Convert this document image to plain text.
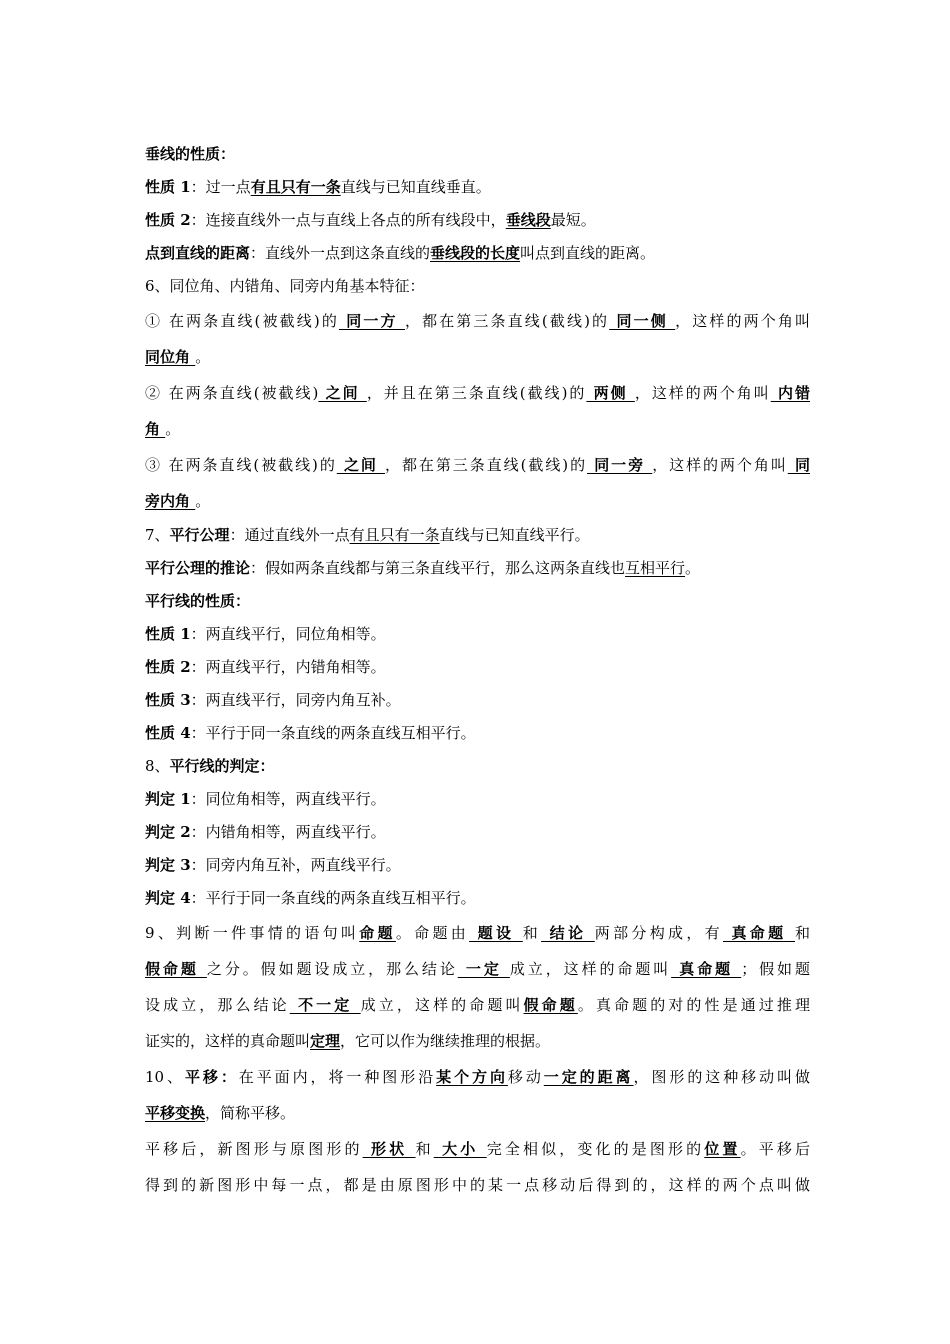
垂线的性质：
性质 1：过一点有且只有一条直线与已知直线垂直。
性质 2：连接直线外一点与直线上各点的所有线段中，垂线段最短。
点到直线的距离：直线外一点到这条直线的垂线段的长度叫点到直线的距离。
6、同位角、内错角、同旁内角基本特征：
① 在两条直线(被截线)的 同一方 ，都在第三条直线(截线)的 同一侧 ，这样的两个角叫
同位角 。
② 在两条直线(被截线) 之间 ，并且在第三条直线(截线)的 两侧 ，这样的两个角叫 内错
角 。
③ 在两条直线(被截线)的 之间 ，都在第三条直线(截线)的 同一旁 ，这样的两个角叫 同
旁内角 。
7、平行公理：通过直线外一点有且只有一条直线与已知直线平行。
平行公理的推论：假如两条直线都与第三条直线平行，那么这两条直线也互相平行。
平行线的性质：
性质 1：两直线平行，同位角相等。
性质 2：两直线平行，内错角相等。
性质 3：两直线平行，同旁内角互补。
性质 4：平行于同一条直线的两条直线互相平行。
8、平行线的判定：
判定 1：同位角相等，两直线平行。
判定 2：内错角相等，两直线平行。
判定 3：同旁内角互补，两直线平行。
判定 4：平行于同一条直线的两条直线互相平行。
9、判断一件事情的语句叫命题。命题由 题设 和 结论 两部分构成，有 真命题 和
假命题 之分。假如题设成立，那么结论 一定 成立，这样的命题叫 真命题 ；假如题
设成立，那么结论 不一定 成立，这样的命题叫假命题。真命题的对的性是通过推理
证实的，这样的真命题叫定理，它可以作为继续推理的根据。
10、平移：在平面内，将一种图形沿某个方向移动一定的距离，图形的这种移动叫做
平移变换，简称平移。
平移后，新图形与原图形的 形状 和 大小 完全相似，变化的是图形的位置。平移后
得到的新图形中每一点，都是由原图形中的某一点移动后得到的，这样的两个点叫做
